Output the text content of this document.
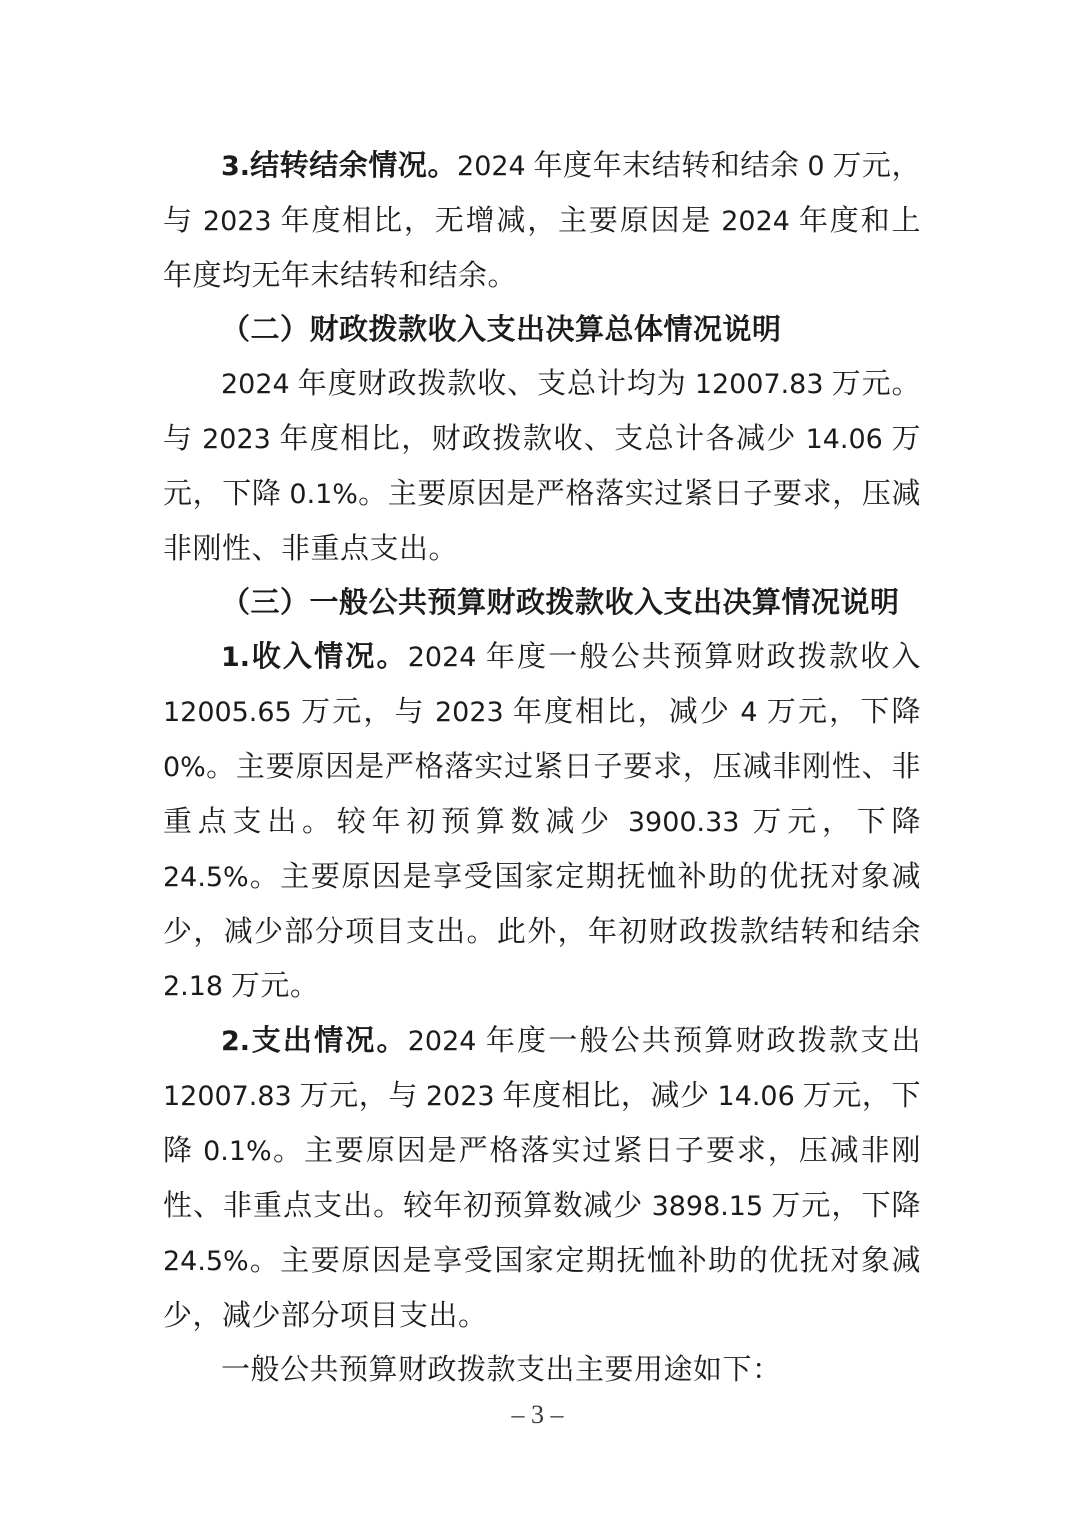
3.结转结余情况。2024 年度年末结转和结余 0 万元，与 2023 年度相比，无增减，主要原因是 2024 年度和上年度均无年末结转和结余。

（二）财政拨款收入支出决算总体情况说明

2024 年度财政拨款收、支总计均为 12007.83 万元。与 2023 年度相比，财政拨款收、支总计各减少 14.06 万元，下降 0.1%。主要原因是严格落实过紧日子要求，压减非刚性、非重点支出。

（三）一般公共预算财政拨款收入支出决算情况说明

1.收入情况。2024 年度一般公共预算财政拨款收入 12005.65 万元，与 2023 年度相比，减少 4 万元，下降 0%。主要原因是严格落实过紧日子要求，压减非刚性、非重点支出。较年初预算数减少 3900.33 万元，下降 24.5%。主要原因是享受国家定期抚恤补助的优抚对象减少，减少部分项目支出。此外，年初财政拨款结转和结余 2.18 万元。

2.支出情况。2024 年度一般公共预算财政拨款支出 12007.83 万元，与 2023 年度相比，减少 14.06 万元，下降 0.1%。主要原因是严格落实过紧日子要求，压减非刚性、非重点支出。较年初预算数减少 3898.15 万元，下降 24.5%。主要原因是享受国家定期抚恤补助的优抚对象减少，减少部分项目支出。

一般公共预算财政拨款支出主要用途如下：

– 3 –
